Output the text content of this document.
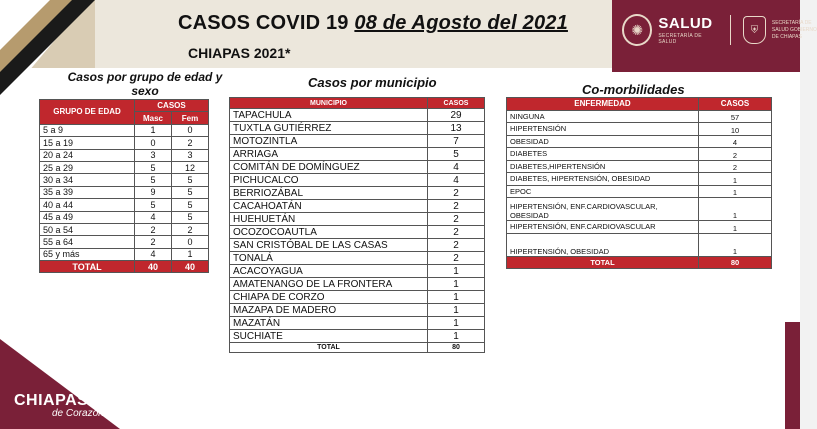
CASOS COVID 19 08 de Agosto del 2021
CHIAPAS 2021*
✺	SALUD
SECRETARÍA DE SALUD
⛨
SECRETARÍA DE SALUD GOBIERNO DE CHIAPAS
Casos por grupo de edad y sexo
GRUPO DE EDAD	CASOS	
	Masc	Fem
5 a 9	1	0
15 a 19	0	2
20 a 24	3	3
25 a 29	5	12
30 a 34	5	5
35 a 39	9	5
40 a 44	5	5
45 a 49	4	5
50 a 54	2	2
55 a 64	2	0
65 y más	4	1
TOTAL	40	40
Casos por municipio
MUNICIPIO	CASOS
TAPACHULA	29
TUXTLA GUTIÉRREZ	13
MOTOZINTLA	7
ARRIAGA	5
COMITÁN DE DOMÍNGUEZ	4
PICHUCALCO	4
BERRIOZÁBAL	2
CACAHOATÁN	2
HUEHUETÁN	2
OCOZOCOAUTLA	2
SAN CRISTÓBAL DE LAS CASAS	2
TONALÁ	2
ACACOYAGUA	1
AMATENANGO DE LA FRONTERA	1
CHIAPA DE CORZO	1
MAZAPA DE MADERO	1
MAZATÁN	1
SUCHIATE	1
TOTAL	80
Co-morbilidades
ENFERMEDAD	CASOS
NINGUNA	57
HIPERTENSIÓN	10
OBESIDAD	4
DIABETES	2
DIABETES,HIPERTENSIÓN	2
DIABETES, HIPERTENSIÓN, OBESIDAD	1
EPOC	1
HIPERTENSIÓN, ENF.CARDIOVASCULAR, OBESIDAD	1
HIPERTENSIÓN, ENF.CARDIOVASCULAR	1
HIPERTENSIÓN, OBESIDAD	1
TOTAL	80
CHIAPAS
de Corazón
